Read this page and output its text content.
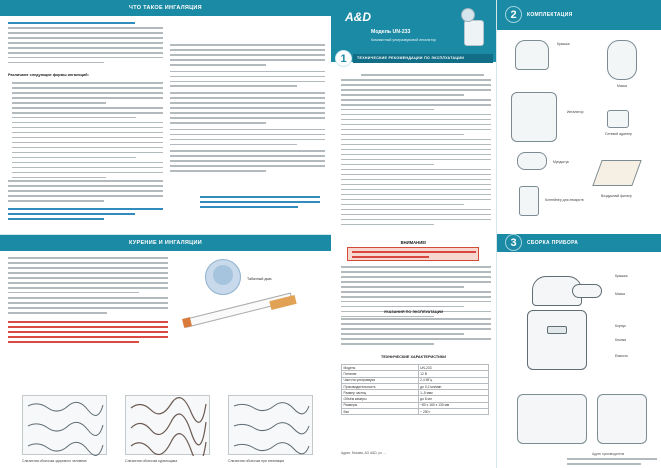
ЧТО ТАКОЕ ИНГАЛЯЦИЯ
Различают следующие формы ингаляций:
КУРЕНИЕ И ИНГАЛЯЦИИ
Табачный дым
Слизистая оболочка здорового человека	Слизистая оболочка курильщика	Слизистая оболочка при ингаляции
A&D
Модель UN-233
Компактный ультразвуковой ингалятор
1	ТЕХНИЧЕСКИЕ РЕКОМЕНДАЦИИ ПО ЭКСПЛУАТАЦИИ
ВНИМАНИЕ!
УКАЗАНИЯ ПО ЭКСПЛУАТАЦИИ
ТЕХНИЧЕСКИЕ ХАРАКТЕРИСТИКИ
Модель	UN-233
Питание	12 В
Частота ультразвука	2,4 МГц
Производительность	до 0,2 мл/мин
Размер частиц	1–5 мкм
Объём камеры	до 8 мл
Размеры	~80 х 160 х 130 мм
Вес	~ 250 г
Адрес: Москва, АО A&D, ул. ...
2	КОМПЛЕКТАЦИЯ
Крышка
Маска
Ингалятор
Сетевой адаптер
Мундштук
Контейнер для лекарств
Воздушный фильтр
3	СБОРКА ПРИБОРА
Крышка
Маска
Корпус
Кнопка
Емкость
Адрес производителя
